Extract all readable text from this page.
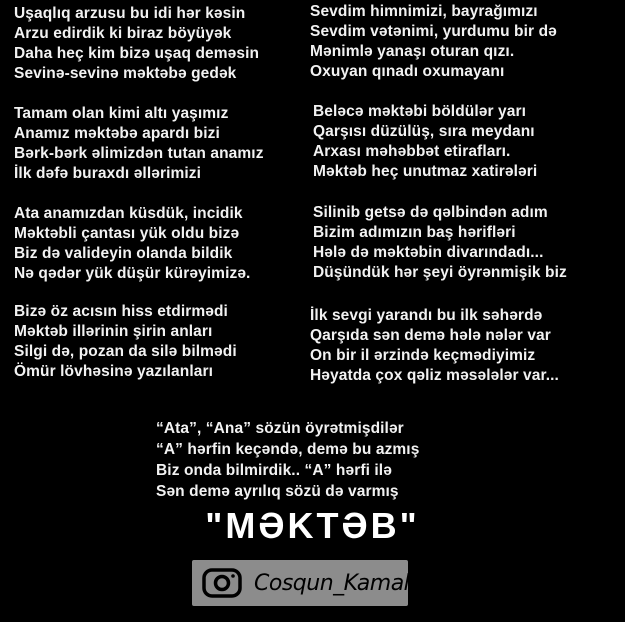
Uşaqlıq arzusu bu idi hər kəsin
Arzu edirdik ki biraz böyüyək
Daha heç kim bizə uşaq deməsin
Sevinə-sevinə məktəbə gedək
Tamam olan kimi altı yaşımız
Anamız məktəbə apardı bizi
Bərk-bərk əlimizdən tutan anamız
İlk dəfə buraxdı əllərimizi
Ata anamızdan küsdük, incidik
Məktəbli çantası yük oldu bizə
Biz də valideyin olanda bildik
Nə qədər yük düşür kürəyimizə.
Bizə öz acısın hiss etdirmədi
Məktəb illərinin şirin anları
Silgi də, pozan da silə bilmədi
Ömür lövhəsinə yazılanları
Sevdim himnimizi, bayrağımızı
Sevdim vətənimi, yurdumu bir də
Mənimlə yanaşı oturan qızı.
Oxuyan qınadı oxumayanı
Beləcə məktəbi böldülər yarı
Qarşısı düzülüş, sıra meydanı
Arxası məhəbbət etirafları.
Məktəb heç unutmaz xatirələri
Silinib getsə də qəlbindən adım
Bizim adımızın baş hərifləri
Hələ də məktəbin divarındadı...
Düşündük hər şeyi öyrənmişik biz
İlk sevgi yarandı bu ilk səhərdə
Qarşıda sən demə hələ nələr var
On bir il ərzində keçmədiyimiz
Həyatda çox qəliz məsələlər var...
“Ata”, “Ana” sözün öyrətmişdilər
“A” hərfin keçəndə, demə bu azmış
Biz onda bilmirdik.. “A” hərfi ilə
Sən demə ayrılıq sözü də varmış
"MƏKTƏB"
Cosqun_Kamal
